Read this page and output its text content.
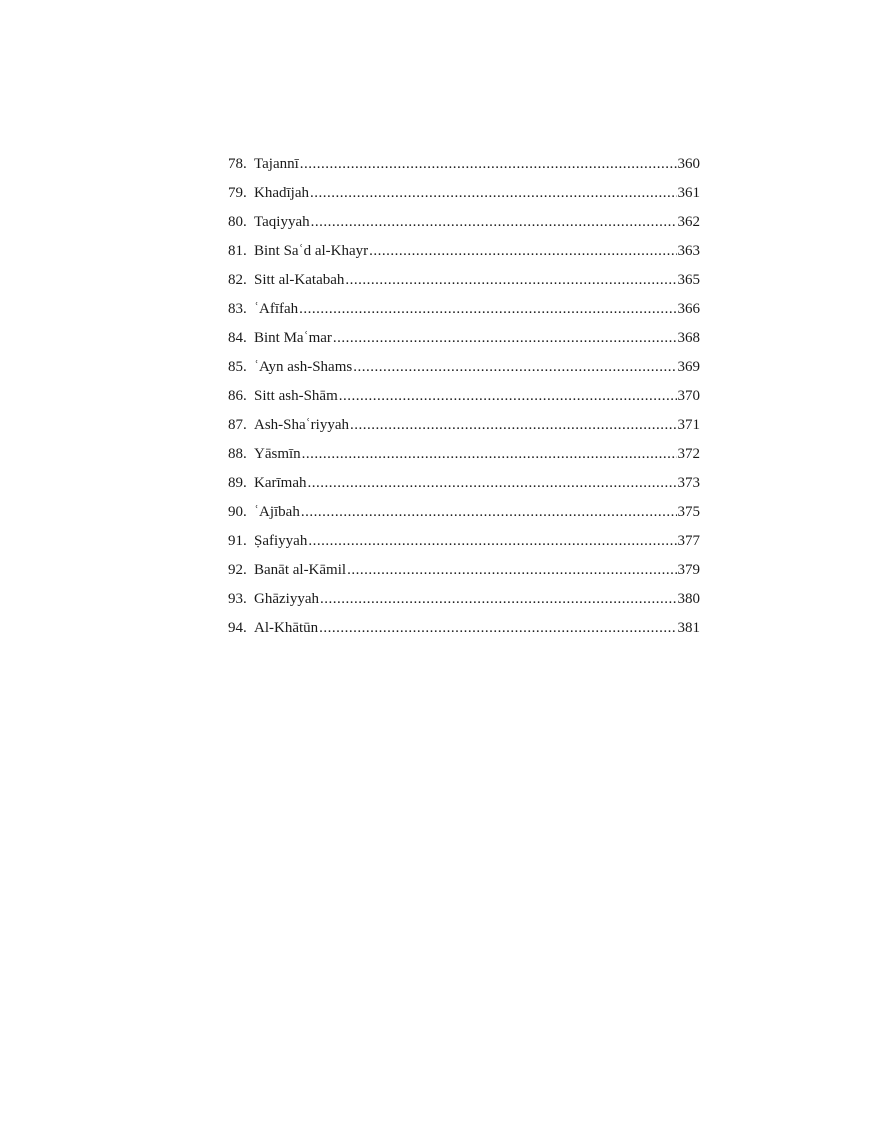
78. Tajannī .....	360
79. Khadījah .....	361
80. Taqiyyah .....	362
81. Bint Saʿd al-Khayr .....	363
82. Sitt al-Katabah .....	365
83. ʿAfīfah .....	366
84. Bint Maʿmar .....	368
85. ʿAyn ash-Shams .....	369
86. Sitt ash-Shām .....	370
87. Ash-Shaʿriyyah .....	371
88. Yāsmīn .....	372
89. Karīmah .....	373
90. ʿAjībah .....	375
91. Ṣafiyyah .....	377
92. Banāt al-Kāmil .....	379
93. Ghāziyyah .....	380
94. Al-Khātūn .....	381
